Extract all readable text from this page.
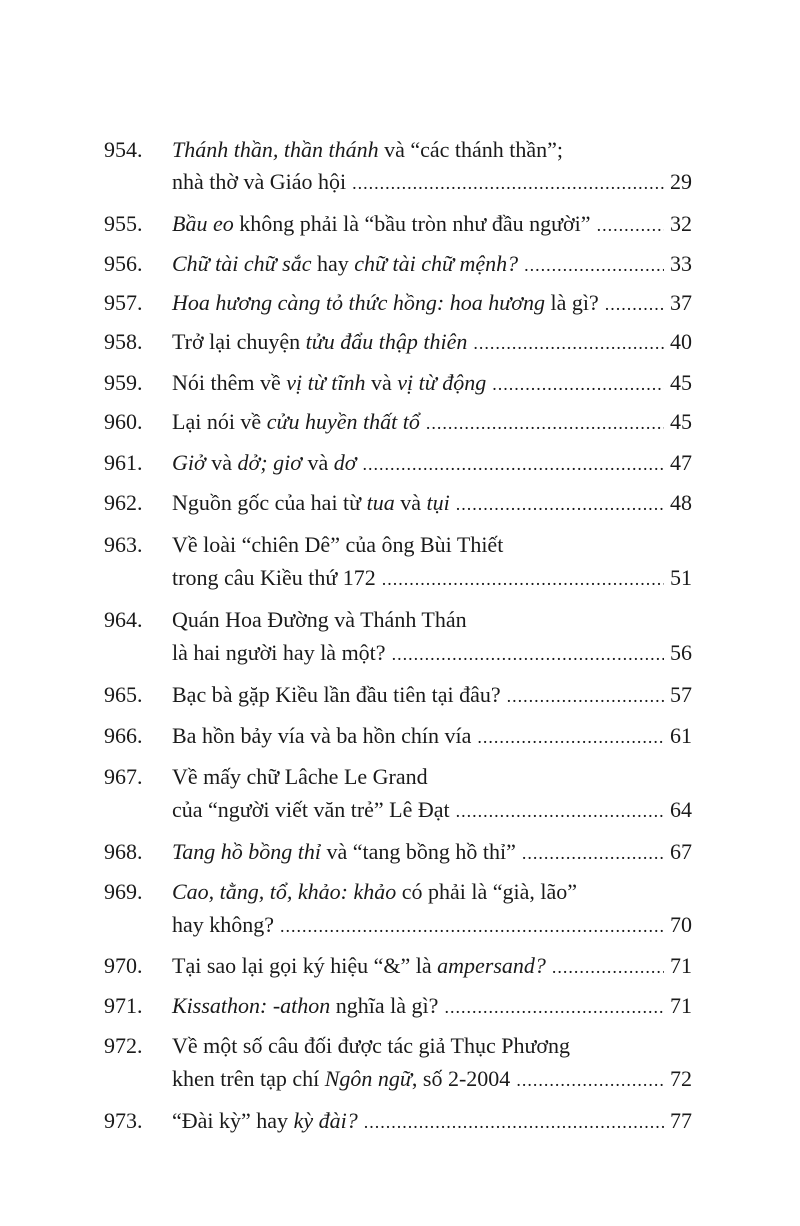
954.	Thánh thần, thần thánh và “các thánh thần”;
nhà thờ và Giáo hội .....	29
955.	Bầu eo không phải là “bầu tròn như đầu người” .....	32
956.	Chữ tài chữ sắc hay chữ tài chữ mệnh? .....	33
957.	Hoa hương càng tỏ thức hồng: hoa hương là gì? .....	37
958.	Trở lại chuyện tửu đẩu thập thiên .....	40
959.	Nói thêm về vị từ tĩnh và vị từ động .....	45
960.	Lại nói về cửu huyền thất tổ .....	45
961.	Giở và dở; giơ và dơ .....	47
962.	Nguồn gốc của hai từ tua và tụi .....	48
963.	Về loài “chiên Dê” của ông Bùi Thiết
trong câu Kiều thứ 172 .....	51
964.	Quán Hoa Đường và Thánh Thán
là hai người hay là một? .....	56
965.	Bạc bà gặp Kiều lần đầu tiên tại đâu? .....	57
966.	Ba hồn bảy vía và ba hồn chín vía .....	61
967.	Về mấy chữ Lâche Le Grand
của “người viết văn trẻ” Lê Đạt .....	64
968.	Tang hồ bồng thỉ và “tang bồng hồ thỉ” .....	67
969.	Cao, tằng, tổ, khảo: khảo có phải là “già, lão”
hay không? .....	70
970.	Tại sao lại gọi ký hiệu “&” là ampersand? .....	71
971.	Kissathon: -athon nghĩa là gì? .....	71
972.	Về một số câu đối được tác giả Thục Phương
khen trên tạp chí Ngôn ngữ, số 2-2004 .....	72
973.	“Đài kỳ” hay kỳ đài? .....	77
